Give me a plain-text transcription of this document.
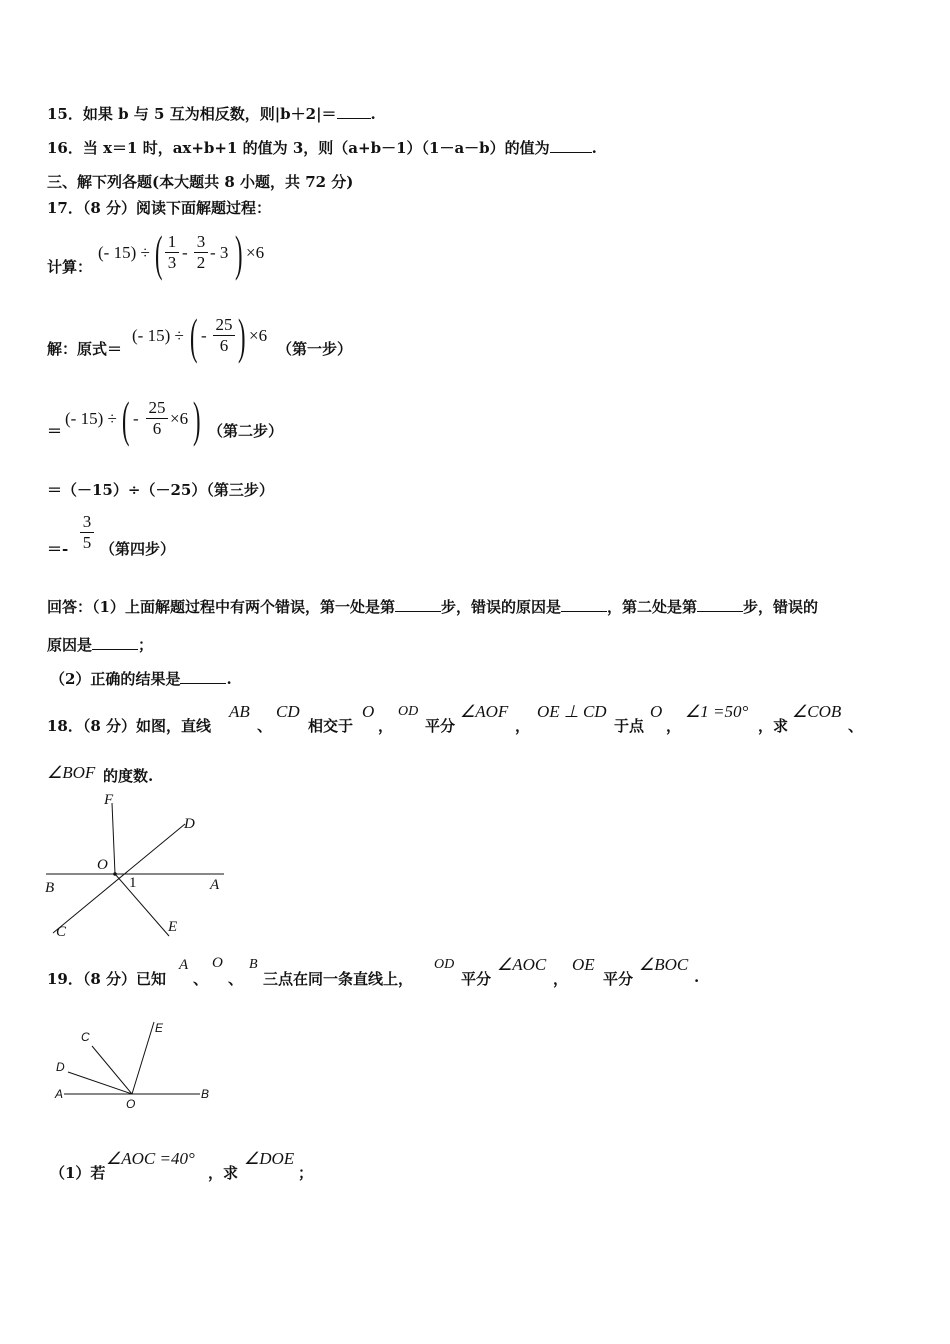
15．如果 b 与 5 互为相反数，则|b＋2|＝ .
16．当 x＝1 时，ax+b+1 的值为 3，则（a+b－1）（1－a－b）的值为	.
三、解下列各题(本大题共 8 小题，共 72 分)
17．（8 分）阅读下面解题过程：
计算：
(- 15) ÷ ( $\frac{1}{3} - \frac{3}{2} - 3$ ) ×6
解：原式＝
(- 15) ÷ ( - $\frac{25}{6}$ ) ×6
（第一步）
＝
(- 15) ÷ ( - $\frac{25}{6} \times 6$ ) （第二步）
＝（－15）÷（－25）（第三步）
＝- $\frac{3}{5}$ （第四步）
回答：（1）上面解题过程中有两个错误，第一处是第	步，错误的原因是	，第二处是第	步，错误的
原因是	；
（2）正确的结果是	.
18．（8 分）如图，直线
AB
、
CD
相交于
O
，
OD
平分
∠AOF
，
OE ⊥ CD
于点
O
，
∠1 =50°
，求
∠COB
、
∠BOF 的度数.
F
D
O
B	1	A
C	E
19．（8 分）已知
A
、
O
、
B
三点在同一条直线上，
OD
平分
∠AOC
，
OE
平分
∠BOC
.
C
E
D
A
O
B
（1）若
∠AOC =40°
，求
∠DOE
；
